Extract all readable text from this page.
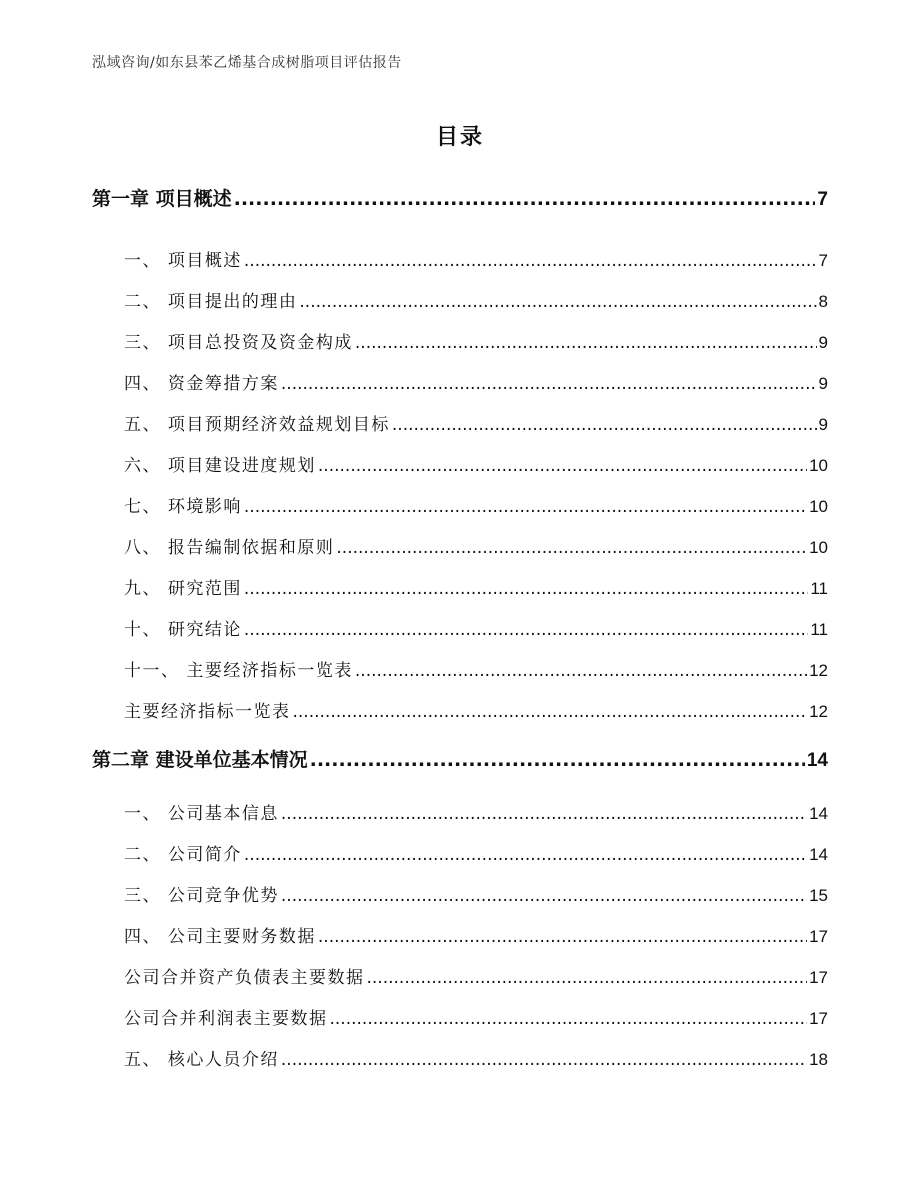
泓域咨询/如东县苯乙烯基合成树脂项目评估报告
目录
第一章 项目概述 .....	7
一、 项目概述 .....	7
二、 项目提出的理由 .....	8
三、 项目总投资及资金构成 .....	9
四、 资金筹措方案 .....	9
五、 项目预期经济效益规划目标 .....	9
六、 项目建设进度规划 .....	10
七、 环境影响 .....	10
八、 报告编制依据和原则 .....	10
九、 研究范围 .....	11
十、 研究结论 .....	11
十一、 主要经济指标一览表 .....	12
主要经济指标一览表 .....	12
第二章 建设单位基本情况 .....	14
一、 公司基本信息 .....	14
二、 公司简介 .....	14
三、 公司竞争优势 .....	15
四、 公司主要财务数据 .....	17
公司合并资产负债表主要数据 .....	17
公司合并利润表主要数据 .....	17
五、 核心人员介绍 .....	18
